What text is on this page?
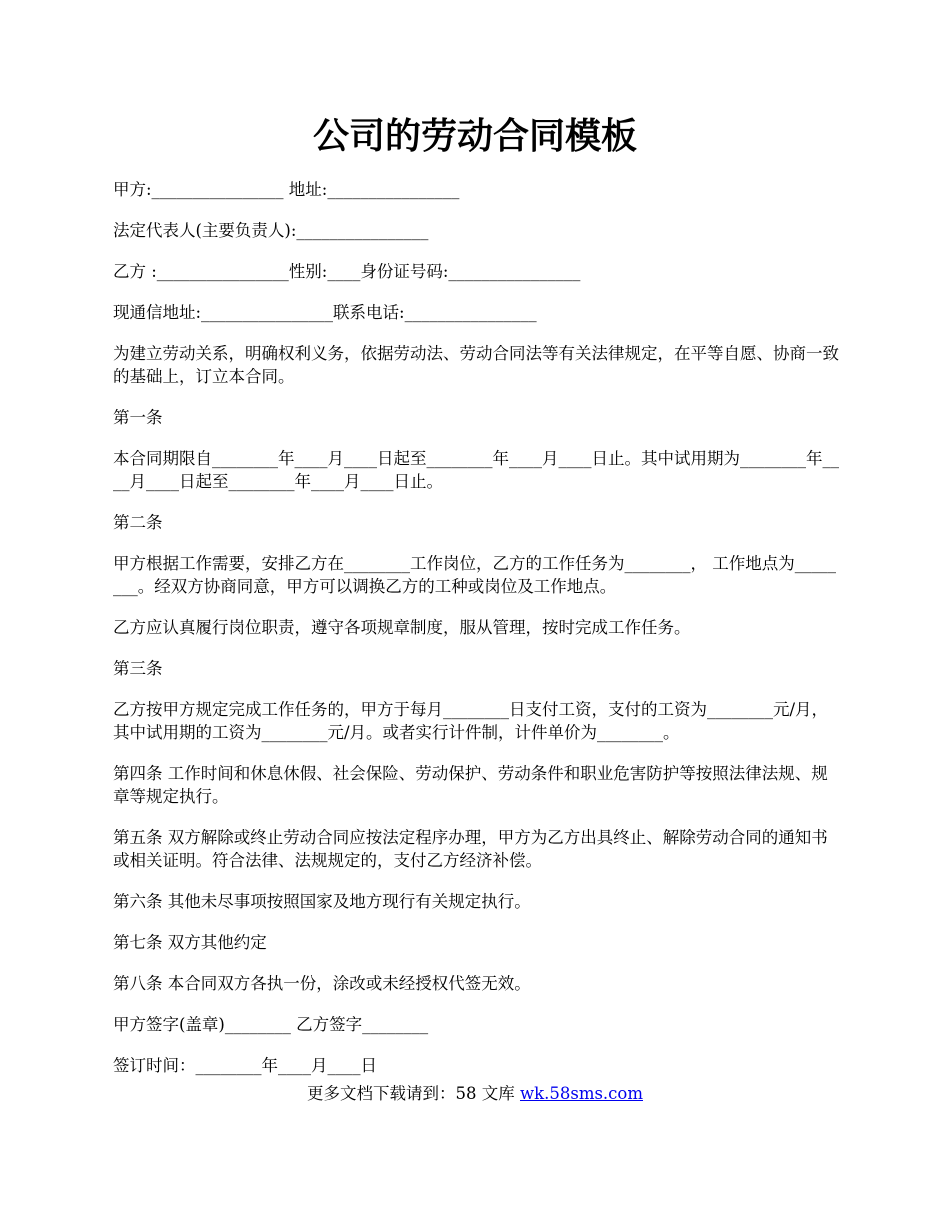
公司的劳动合同模板

甲方:________________ 地址:________________

法定代表人(主要负责人):________________

乙方 :________________性别:____身份证号码:________________

现通信地址:________________联系电话:________________

为建立劳动关系，明确权利义务，依据劳动法、劳动合同法等有关法律规定，在平等自愿、协商一致的基础上，订立本合同。

第一条

本合同期限自________年____月____日起至________年____月____日止。其中试用期为________年____月____日起至________年____月____日止。

第二条

甲方根据工作需要，安排乙方在________工作岗位，乙方的工作任务为________， 工作地点为________。经双方协商同意，甲方可以调换乙方的工种或岗位及工作地点。

乙方应认真履行岗位职责，遵守各项规章制度，服从管理，按时完成工作任务。

第三条

乙方按甲方规定完成工作任务的，甲方于每月________日支付工资，支付的工资为________元/月，其中试用期的工资为________元/月。或者实行计件制，计件单价为________。

第四条 工作时间和休息休假、社会保险、劳动保护、劳动条件和职业危害防护等按照法律法规、规章等规定执行。

第五条 双方解除或终止劳动合同应按法定程序办理，甲方为乙方出具终止、解除劳动合同的通知书或相关证明。符合法律、法规规定的，支付乙方经济补偿。

第六条 其他未尽事项按照国家及地方现行有关规定执行。

第七条 双方其他约定

第八条 本合同双方各执一份，涂改或未经授权代签无效。

甲方签字(盖章)________ 乙方签字________

签订时间：________年____月____日

更多文档下载请到：58 文库 wk.58sms.com
